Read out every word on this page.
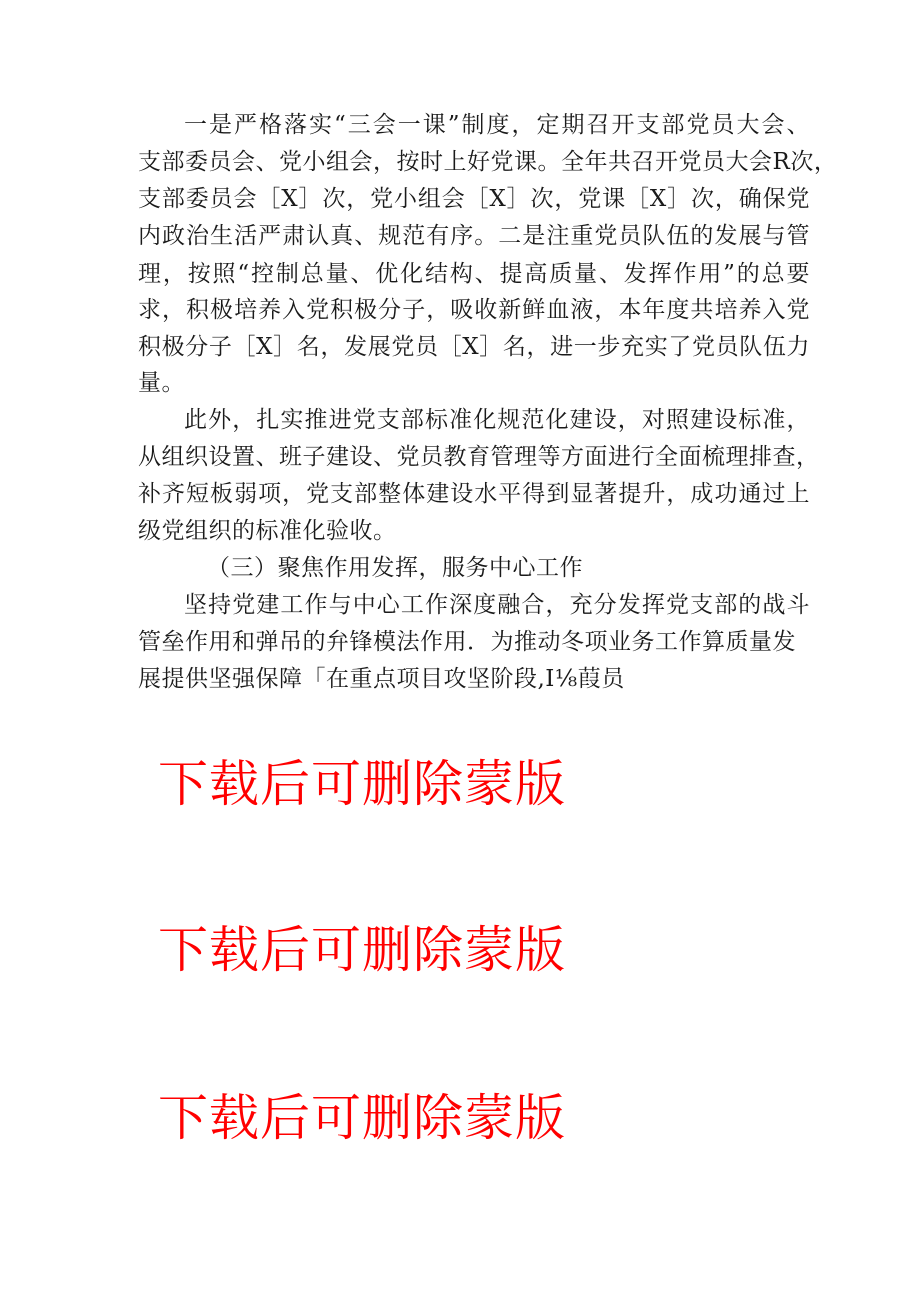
一是严格落实“三会一课”制度，定期召开支部党员大会、
支部委员会、党小组会，按时上好党课。全年共召开党员大会R次，
支部委员会［X］次，党小组会［X］次，党课［X］次，确保党
内政治生活严肃认真、规范有序。二是注重党员队伍的发展与管
理，按照“控制总量、优化结构、提高质量、发挥作用”的总要
求，积极培养入党积极分子，吸收新鲜血液，本年度共培养入党
积极分子［X］名，发展党员［X］名，进一步充实了党员队伍力
量。
此外，扎实推进党支部标准化规范化建设，对照建设标准，
从组织设置、班子建设、党员教育管理等方面进行全面梳理排查，
补齐短板弱项，党支部整体建设水平得到显著提升，成功通过上
级党组织的标准化验收。
（三）聚焦作用发挥，服务中心工作
坚持党建工作与中心工作深度融合，充分发挥党支部的战斗
管垒作用和弹吊的弁锋模法作用．为推动冬项业务工作算质量发
展提供坚强保障「在重点项目攻坚阶段,I⅛葭员
下载后可删除蒙版
下载后可删除蒙版
下载后可删除蒙版
